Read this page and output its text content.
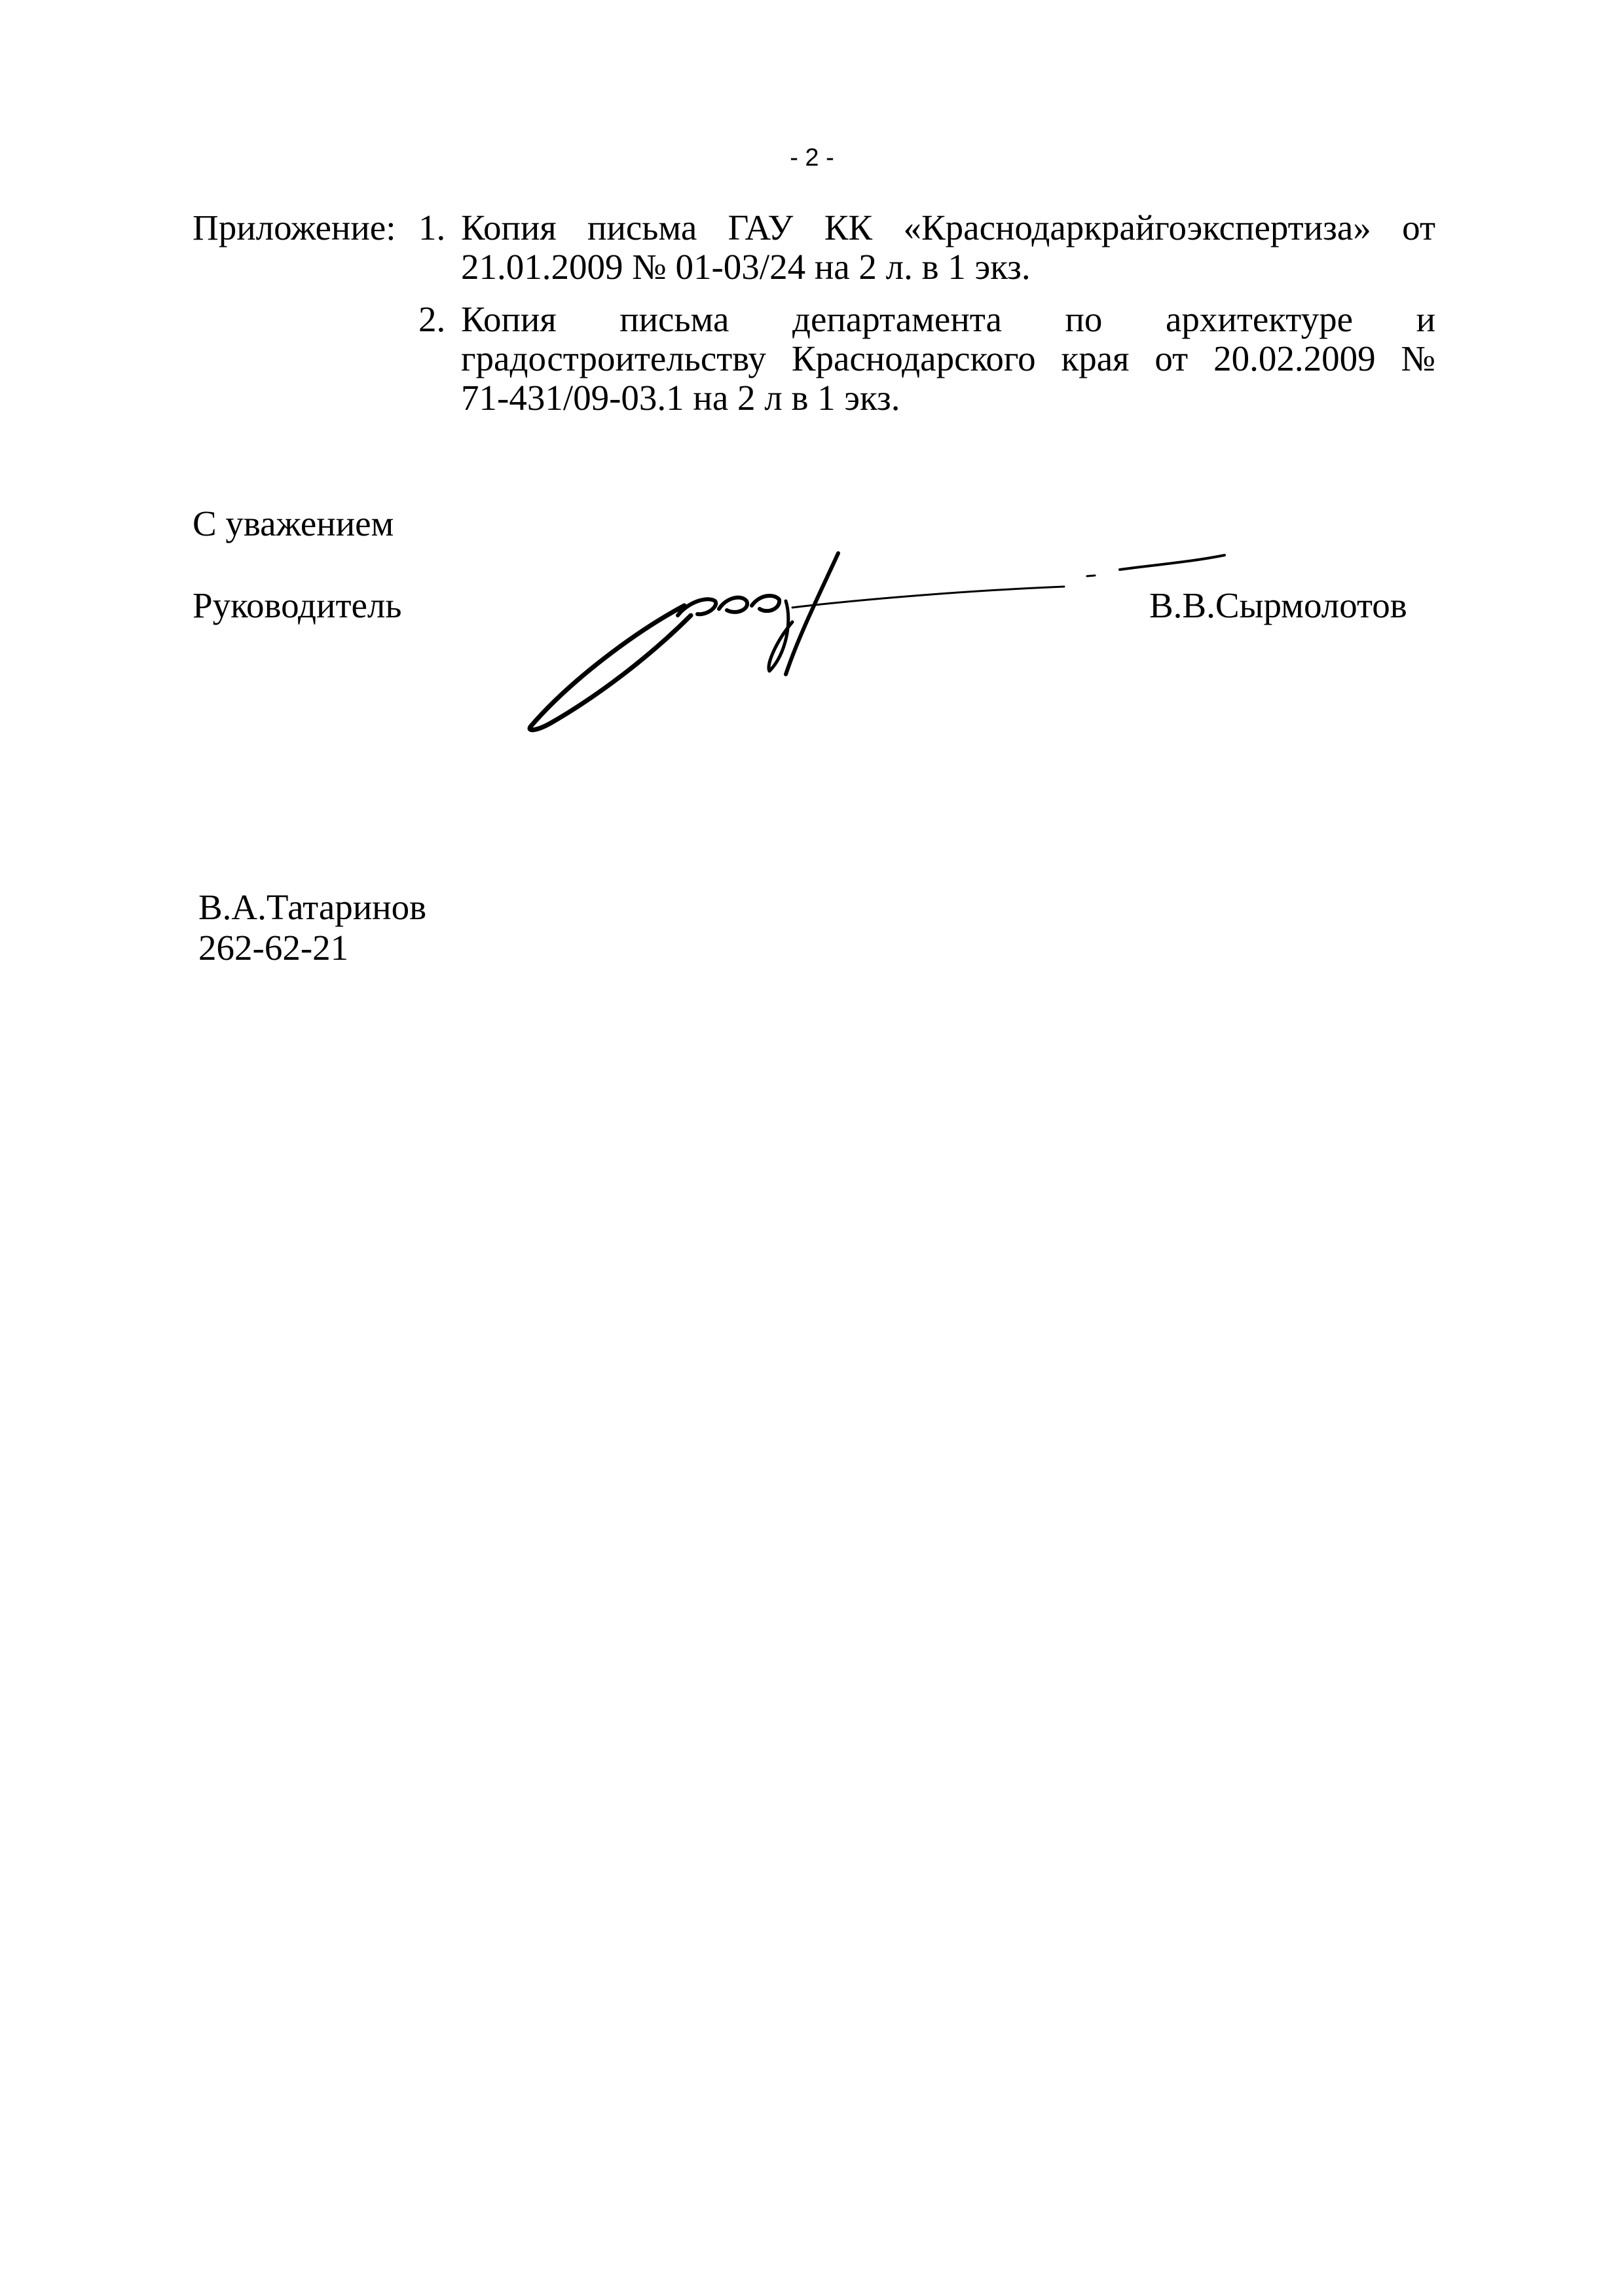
- 2 -
Приложение: 1. Копия письма ГАУ КК «Краснодаркрайгоэкспертиза» от
21.01.2009 № 01-03/24 на 2 л. в 1 экз.
2. Копия письма департамента по архитектуре и
градостроительству Краснодарского края от 20.02.2009 №
71-431/09-03.1 на 2 л в 1 экз.
С уважением
Руководитель	В.В.Сырмолотов
В.А.Татаринов
262-62-21
